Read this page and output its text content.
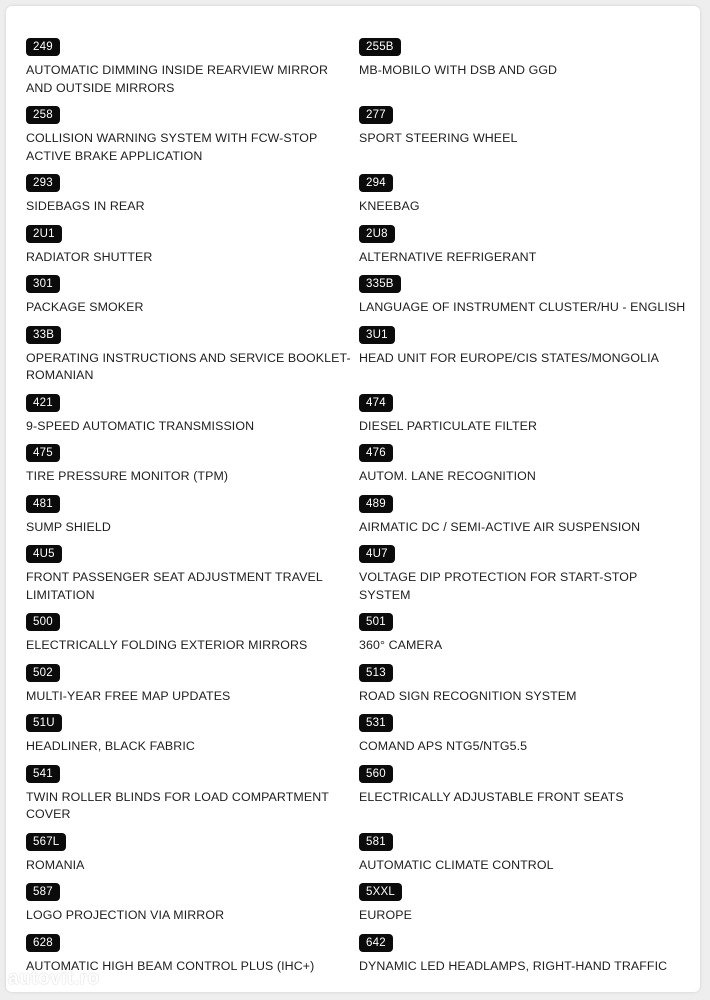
249
AUTOMATIC DIMMING INSIDE REARVIEW MIRROR AND OUTSIDE MIRRORS
255B
MB-MOBILO WITH DSB AND GGD
258
COLLISION WARNING SYSTEM WITH FCW-STOP ACTIVE BRAKE APPLICATION
277
SPORT STEERING WHEEL
293
SIDEBAGS IN REAR
294
KNEEBAG
2U1
RADIATOR SHUTTER
2U8
ALTERNATIVE REFRIGERANT
301
PACKAGE SMOKER
335B
LANGUAGE OF INSTRUMENT CLUSTER/HU - ENGLISH
33B
OPERATING INSTRUCTIONS AND SERVICE BOOKLET-ROMANIAN
3U1
HEAD UNIT FOR EUROPE/CIS STATES/MONGOLIA
421
9-SPEED AUTOMATIC TRANSMISSION
474
DIESEL PARTICULATE FILTER
475
TIRE PRESSURE MONITOR (TPM)
476
AUTOM. LANE RECOGNITION
481
SUMP SHIELD
489
AIRMATIC DC / SEMI-ACTIVE AIR SUSPENSION
4U5
FRONT PASSENGER SEAT ADJUSTMENT TRAVEL LIMITATION
4U7
VOLTAGE DIP PROTECTION FOR START-STOP SYSTEM
500
ELECTRICALLY FOLDING EXTERIOR MIRRORS
501
360° CAMERA
502
MULTI-YEAR FREE MAP UPDATES
513
ROAD SIGN RECOGNITION SYSTEM
51U
HEADLINER, BLACK FABRIC
531
COMAND APS NTG5/NTG5.5
541
TWIN ROLLER BLINDS FOR LOAD COMPARTMENT COVER
560
ELECTRICALLY ADJUSTABLE FRONT SEATS
567L
ROMANIA
581
AUTOMATIC CLIMATE CONTROL
587
LOGO PROJECTION VIA MIRROR
5XXL
EUROPE
628
AUTOMATIC HIGH BEAM CONTROL PLUS (IHC+)
642
DYNAMIC LED HEADLAMPS, RIGHT-HAND TRAFFIC
autovit.ro
